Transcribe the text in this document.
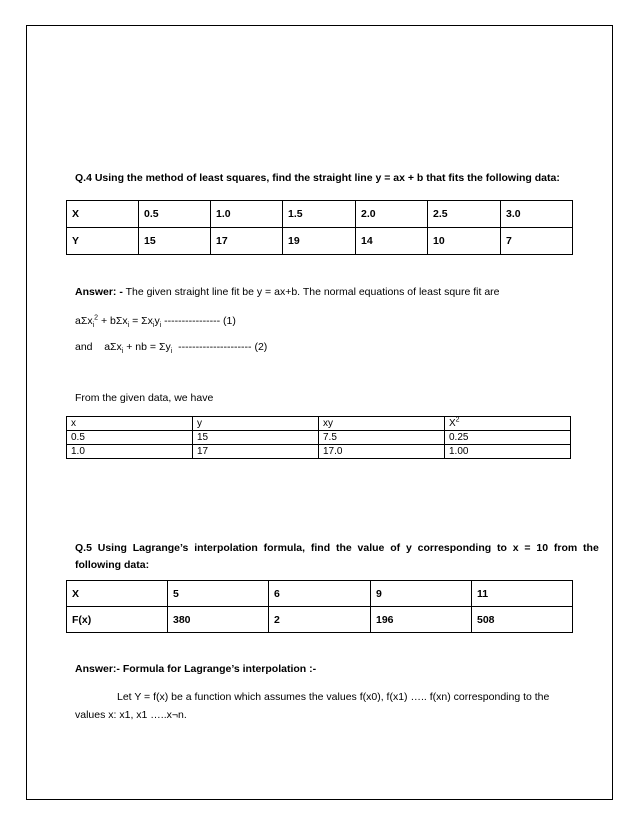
Q.4 Using the method of least squares, find the straight line y = ax + b that fits the following data:

X	0.5	1.0	1.5	2.0	2.5	3.0
Y	15	17	19	14	10	7

Answer: - The given straight line fit be y = ax+b. The normal equations of least squre fit are

$a\Sigma x_i^2 + b\Sigma x_i = \Sigma x_iy_i$ ---------------- (1)

and    aΣx$_i$ + nb = $\Sigma y_i$  --------------------- (2)

From the given data, we have

x	y	xy	$X^2$
0.5	15	7.5	0.25
1.0	17	17.0	1.00

Q.5  Using  Lagrange’s  interpolation  formula,  find  the  value  of  y  corresponding  to  x  =  10  from  the

following data:

X	5	6	9	11
F(x)	380	2	196	508

Answer:- Formula for Lagrange’s interpolation :-

Let Y = f(x) be a function which assumes the values f(x0), f(x1) ….. f(xn) corresponding to the

values x: x1, x1 …..x¬n.
